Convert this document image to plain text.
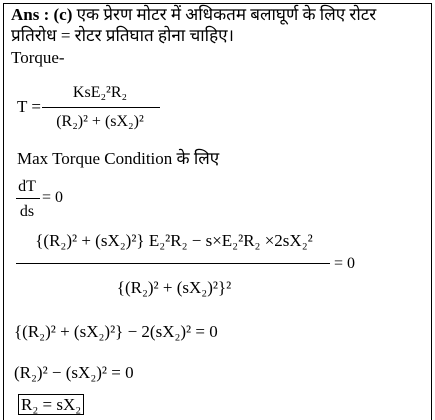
Ans : (c) एक प्रेरण मोटर में अधिकतम बलाघूर्ण के लिए रोटर
प्रतिरोध = रोटर प्रतिघात होना चाहिए।
Torque-
T =
KsE₂²R₂
(R₂)² + (sX₂)²
Max Torque Condition के लिए
dT
ds
= 0
{(R₂)² + (sX₂)²} E₂²R₂ − s×E₂²R₂ ×2sX₂²
{(R₂)² + (sX₂)²}²
= 0
{(R₂)² + (sX₂)²} − 2(sX₂)² = 0
(R₂)² − (sX₂)² = 0
R₂ = sX₂
